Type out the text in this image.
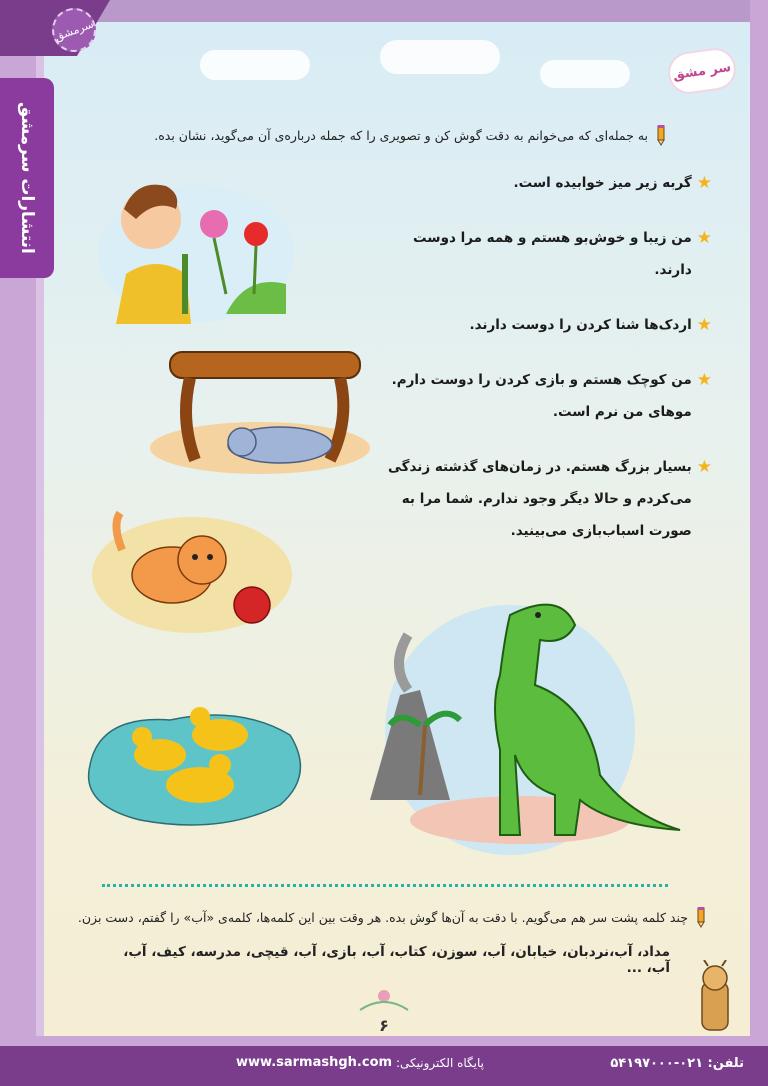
سرمشق
انتشارات سرمشق
سر مشق
به جمله‌ای که می‌خوانم به دقت گوش کن و تصویری را که جمله درباره‌ی آن می‌گوید، نشان بده.
★
گربه زیر میز خوابیده است.
★
من زیبا و خوش‌بو هستم و همه مرا دوست دارند.
★
اردک‌ها شنا کردن را دوست دارند.
★
من کوچک هستم و بازی کردن را دوست دارم. موهای من نرم است.
★
بسیار بزرگ هستم. در زمان‌های گذشته زندگی می‌کردم و حالا دیگر وجود ندارم. شما مرا به صورت اسباب‌بازی می‌بینید.
چند کلمه پشت سر هم می‌گویم. با دقت به آن‌ها گوش بده. هر وقت بین این کلمه‌ها، کلمه‌ی «آب» را گفتم، دست بزن.
مداد، آب،نردبان، خیابان، آب، سوزن، کتاب، آب، بازی، آب، قیچی، مدرسه، کیف، آب، آب، ...
۶
تلفن: ۰۲۱-۵۴۱۹۷۰۰۰
پایگاه الکترونیکی:
www.sarmashgh.com
